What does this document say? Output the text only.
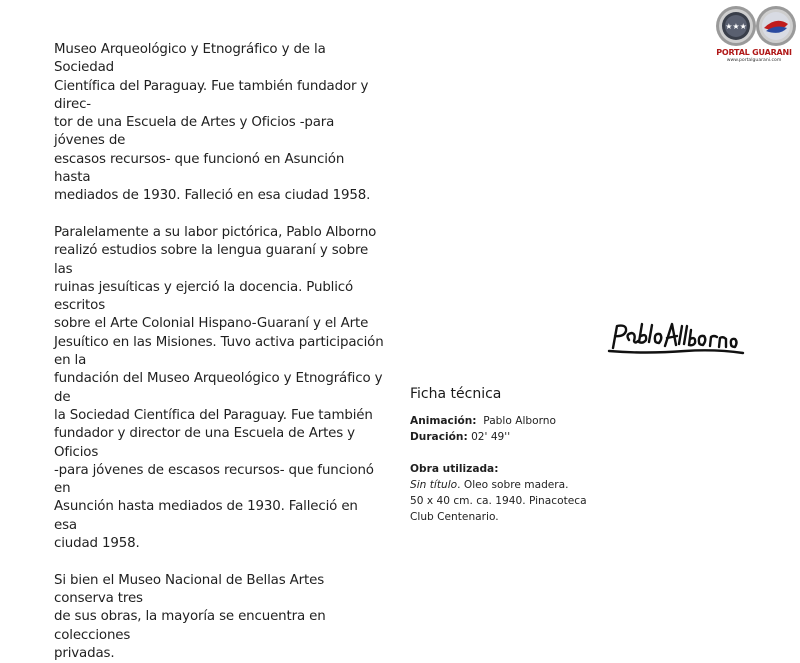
Museo Arqueológico y Etnográfico y de la Sociedad
Científica del Paraguay. Fue también fundador y direc-
tor de una Escuela de Artes y Oficios -para jóvenes de
escasos recursos- que funcionó en Asunción hasta
mediados de 1930. Falleció en esa ciudad 1958.

Paralelamente a su labor pictórica, Pablo Alborno
realizó estudios sobre la lengua guaraní y sobre las
ruinas jesuíticas y ejerció la docencia. Publicó escritos
sobre el Arte Colonial Hispano-Guaraní y el Arte
Jesuítico en las Misiones. Tuvo activa participación en la
fundación del Museo Arqueológico y Etnográfico y de
la Sociedad Científica del Paraguay. Fue también
fundador y director de una Escuela de Artes y Oficios
-para jóvenes de escasos recursos- que funcionó en
Asunción hasta mediados de 1930. Falleció en esa
ciudad 1958.

Si bien el Museo Nacional de Bellas Artes conserva tres
de sus obras, la mayoría se encuentra en colecciones
privadas.

★★★
PORTAL GUARANI
www.portalguarani.com
Ficha técnica

Animación: Pablo Alborno

Duración: 02' 49''

Obra utilizada:

Sin título. Oleo sobre madera.

50 x 40 cm. ca. 1940. Pinacoteca
Club Centenario.
